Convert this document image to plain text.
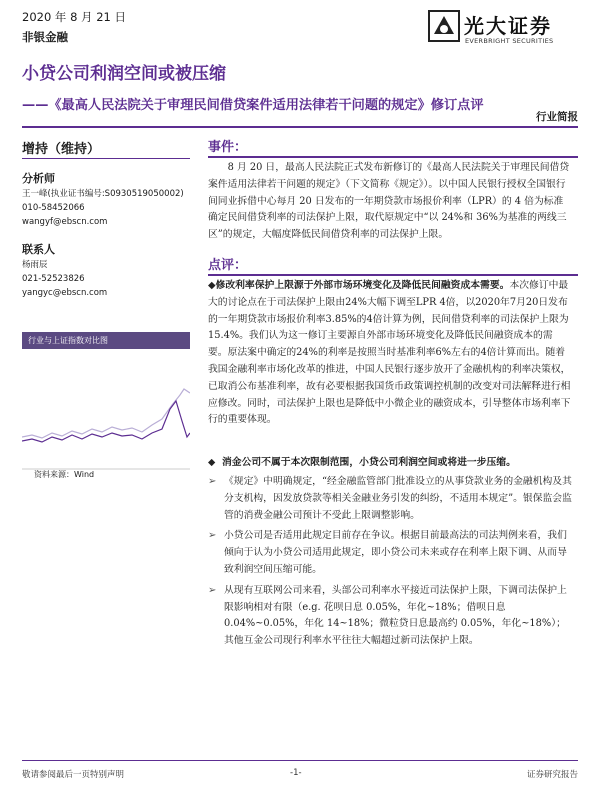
2020 年 8 月 21 日
非银金融	光大证券
EVERBRIGHT SECURITIES
小贷公司利润空间或被压缩
——《最高人民法院关于审理民间借贷案件适用法律若干问题的规定》修订点评
行业简报
增持（维持）
分析师
王一峰(执业证书编号:S0930519050002)
010-58452066
wangyf@ebscn.com
联系人
杨雨辰
021-52523826
yangyc@ebscn.com
行业与上证指数对比图
资料来源：Wind
事件：

8 月 20 日，最高人民法院正式发布新修订的《最高人民法院关于审理民间借贷案件适用法律若干问题的规定》（下文简称《规定》）。以中国人民银行授权全国银行间同业拆借中心每月 20 日发布的一年期贷款市场报价利率（LPR）的 4 倍为标准确定民间借贷利率的司法保护上限，取代原规定中“以 24%和 36%为基准的两线三区”的规定，大幅度降低民间借贷利率的司法保护上限。

点评：

◆修改利率保护上限源于外部市场环境变化及降低民间融资成本需要。本次修订中最大的讨论点在于司法保护上限由24%大幅下调至LPR 4倍，以2020年7月20日发布的一年期贷款市场报价利率3.85%的4倍计算为例，民间借贷利率的司法保护上限为15.4%。我们认为这一修订主要源自外部市场环境变化及降低民间融资成本的需要。原法案中确定的24%的利率是按照当时基准利率6%左右的4倍计算而出。随着我国金融利率市场化改革的推进，中国人民银行逐步放开了金融机构的利率决策权，已取消公布基准利率，故有必要根据我国货币政策调控机制的改变对司法解释进行相应修改。同时，司法保护上限也是降低中小微企业的融资成本，引导整体市场利率下行的重要体现。

◆ 消金公司不属于本次限制范围，小贷公司利润空间或将进一步压缩。
➢ 《规定》中明确规定，“经金融监管部门批准设立的从事贷款业务的金融机构及其分支机构，因发放贷款等相关金融业务引发的纠纷，不适用本规定”。银保监会监管的消费金融公司预计不受此上限调整影响。
➢ 小贷公司是否适用此规定目前存在争议。根据目前最高法的司法判例来看，我们倾向于认为小贷公司适用此规定，即小贷公司未来或存在利率上限下调、从而导致利润空间压缩可能。
➢ 从现有互联网公司来看，头部公司利率水平接近司法保护上限，下调司法保护上限影响相对有限（e.g. 花呗日息 0.05%，年化~18%；借呗日息 0.04%~0.05%，年化 14~18%；微粒贷日息最高约 0.05%，年化~18%）；其他互金公司现行利率水平往往大幅超过新司法保护上限。
敬请参阅最后一页特别声明	-1-	证券研究报告
